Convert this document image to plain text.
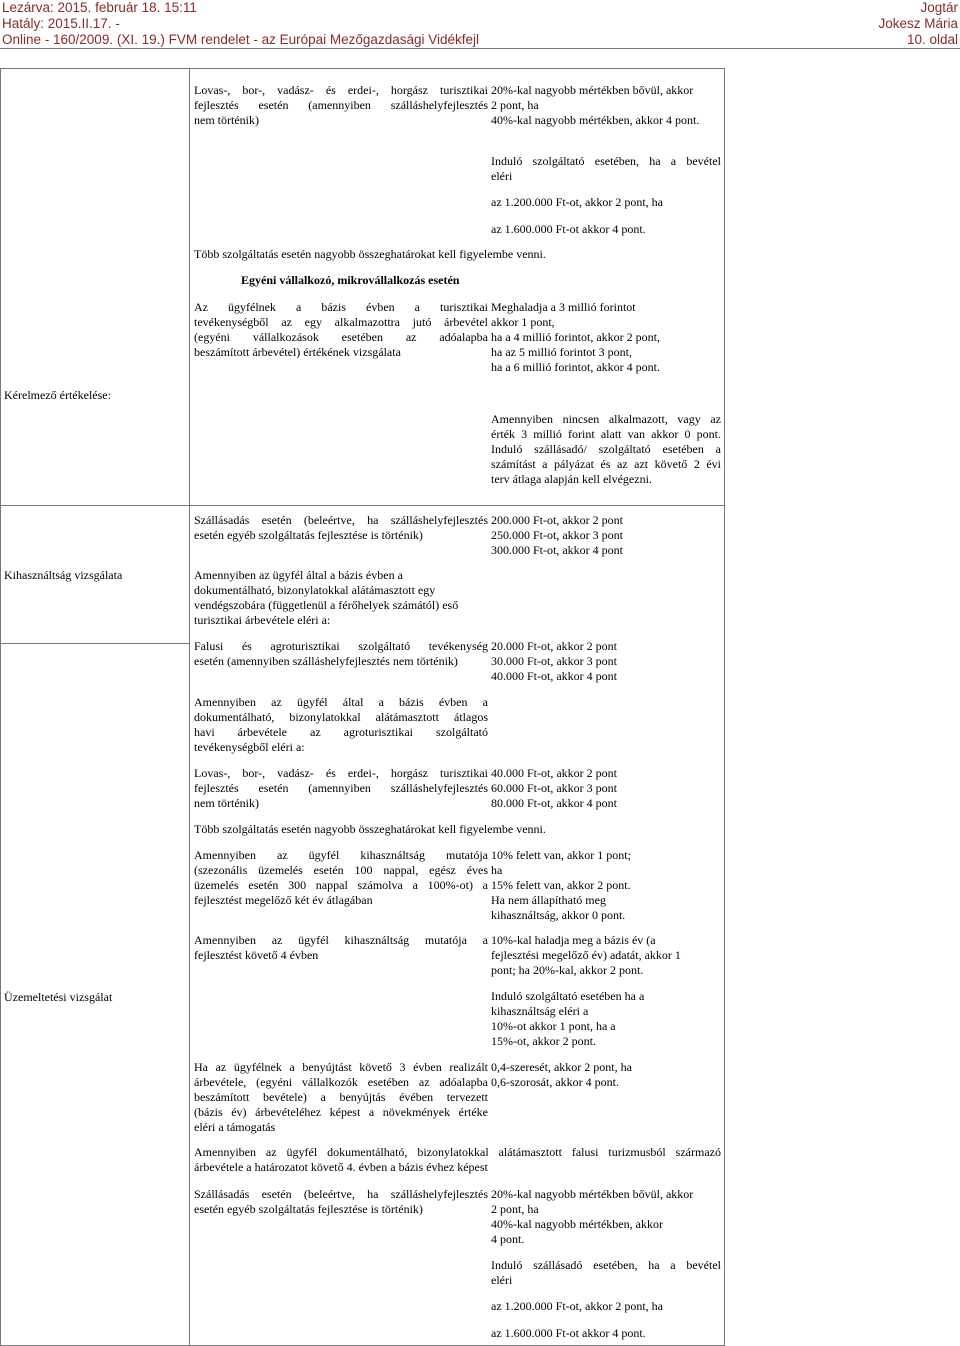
Lezárva: 2015. február 18. 15:11
Hatály: 2015.II.17. -
Online - 160/2009. (XI. 19.) FVM rendelet - az Európai Mezőgazdasági Vidékfejl
Jogtár
Jokesz Mária
10. oldal
Kérelmező értékelése:
Kihasználtság vizsgálata
Üzemeltetési vizsgálat
Lovas-, bor-, vadász- és erdei-, horgász turisztikai
fejlesztés esetén (amennyiben szálláshelyfejlesztés
nem történik)
20%-kal nagyobb mértékben bővül, akkor
2 pont, ha
40%-kal nagyobb mértékben, akkor 4 pont.
Induló szolgáltató esetében, ha a bevétel
eléri
az 1.200.000 Ft-ot, akkor 2 pont, ha
az 1.600.000 Ft-ot akkor 4 pont.
Több szolgáltatás esetén nagyobb összeghatárokat kell figyelembe venni.
Egyéni vállalkozó, mikrovállalkozás esetén
Az ügyfélnek a bázis évben a turisztikai
tevékenységből az egy alkalmazottra jutó árbevétel
(egyéni vállalkozások esetében az adóalapba
beszámított árbevétel) értékének vizsgálata
Meghaladja a 3 millió forintot
akkor 1 pont,
ha a 4 millió forintot, akkor 2 pont,
ha az 5 millió forintot 3 pont,
ha a 6 millió forintot, akkor 4 pont.
Amennyiben nincsen alkalmazott, vagy az
érték 3 millió forint alatt van akkor 0 pont.
Induló szállásadó/ szolgáltató esetében a
számítást a pályázat és az azt követő 2 évi
terv átlaga alapján kell elvégezni.
Szállásadás esetén (beleértve, ha szálláshelyfejlesztés
esetén egyéb szolgáltatás fejlesztése is történik)
200.000 Ft-ot, akkor 2 pont
250.000 Ft-ot, akkor 3 pont
300.000 Ft-ot, akkor 4 pont
Amennyiben az ügyfél által a bázis évben a
dokumentálható, bizonylatokkal alátámasztott egy
vendégszobára (függetlenül a férőhelyek számától) eső
turisztikai árbevétele eléri a:
Falusi és agroturisztikai szolgáltató tevékenység
esetén (amennyiben szálláshelyfejlesztés nem történik)
20.000 Ft-ot, akkor 2 pont
30.000 Ft-ot, akkor 3 pont
40.000 Ft-ot, akkor 4 pont
Amennyiben az ügyfél által a bázis évben a
dokumentálható, bizonylatokkal alátámasztott átlagos
havi árbevétele az agroturisztikai szolgáltató
tevékenységből eléri a:
Lovas-, bor-, vadász- és erdei-, horgász turisztikai
fejlesztés esetén (amennyiben szálláshelyfejlesztés
nem történik)
40.000 Ft-ot, akkor 2 pont
60.000 Ft-ot, akkor 3 pont
80.000 Ft-ot, akkor 4 pont
Több szolgáltatás esetén nagyobb összeghatárokat kell figyelembe venni.
Amennyiben az ügyfél kihasználtság mutatója
(szezonális üzemelés esetén 100 nappal, egész éves
üzemelés esetén 300 nappal számolva a 100%-ot) a
fejlesztést megelőző két év átlagában
10% felett van, akkor 1 pont;
ha
15% felett van, akkor 2 pont.
Ha nem állapítható meg
kihasználtság, akkor 0 pont.
Amennyiben az ügyfél kihasználtság mutatója a
fejlesztést követő 4 évben
10%-kal haladja meg a bázis év (a
fejlesztési megelőző év) adatát, akkor 1
pont; ha 20%-kal, akkor 2 pont.
Induló szolgáltató esetében ha a
kihasználtság eléri a
10%-ot akkor 1 pont, ha a
15%-ot, akkor 2 pont.
Ha az ügyfélnek a benyújtást követő 3 évben realizált
árbevétele, (egyéni vállalkozók esetében az adóalapba
beszámított bevétele) a benyújtás évében tervezett
(bázis év) árbevételéhez képest a növekmények értéke
eléri a támogatás
0,4-szeresét, akkor 2 pont, ha
0,6-szorosát, akkor 4 pont.
Amennyiben az ügyfél dokumentálható, bizonylatokkal alátámasztott falusi turizmusból származó
árbevétele a határozatot követő 4. évben a bázis évhez képest
Szállásadás esetén (beleértve, ha szálláshelyfejlesztés
esetén egyéb szolgáltatás fejlesztése is történik)
20%-kal nagyobb mértékben bővül, akkor
2 pont, ha
40%-kal nagyobb mértékben, akkor
4 pont.
Induló szállásadó esetében, ha a bevétel
eléri
az 1.200.000 Ft-ot, akkor 2 pont, ha
az 1.600.000 Ft-ot akkor 4 pont.
